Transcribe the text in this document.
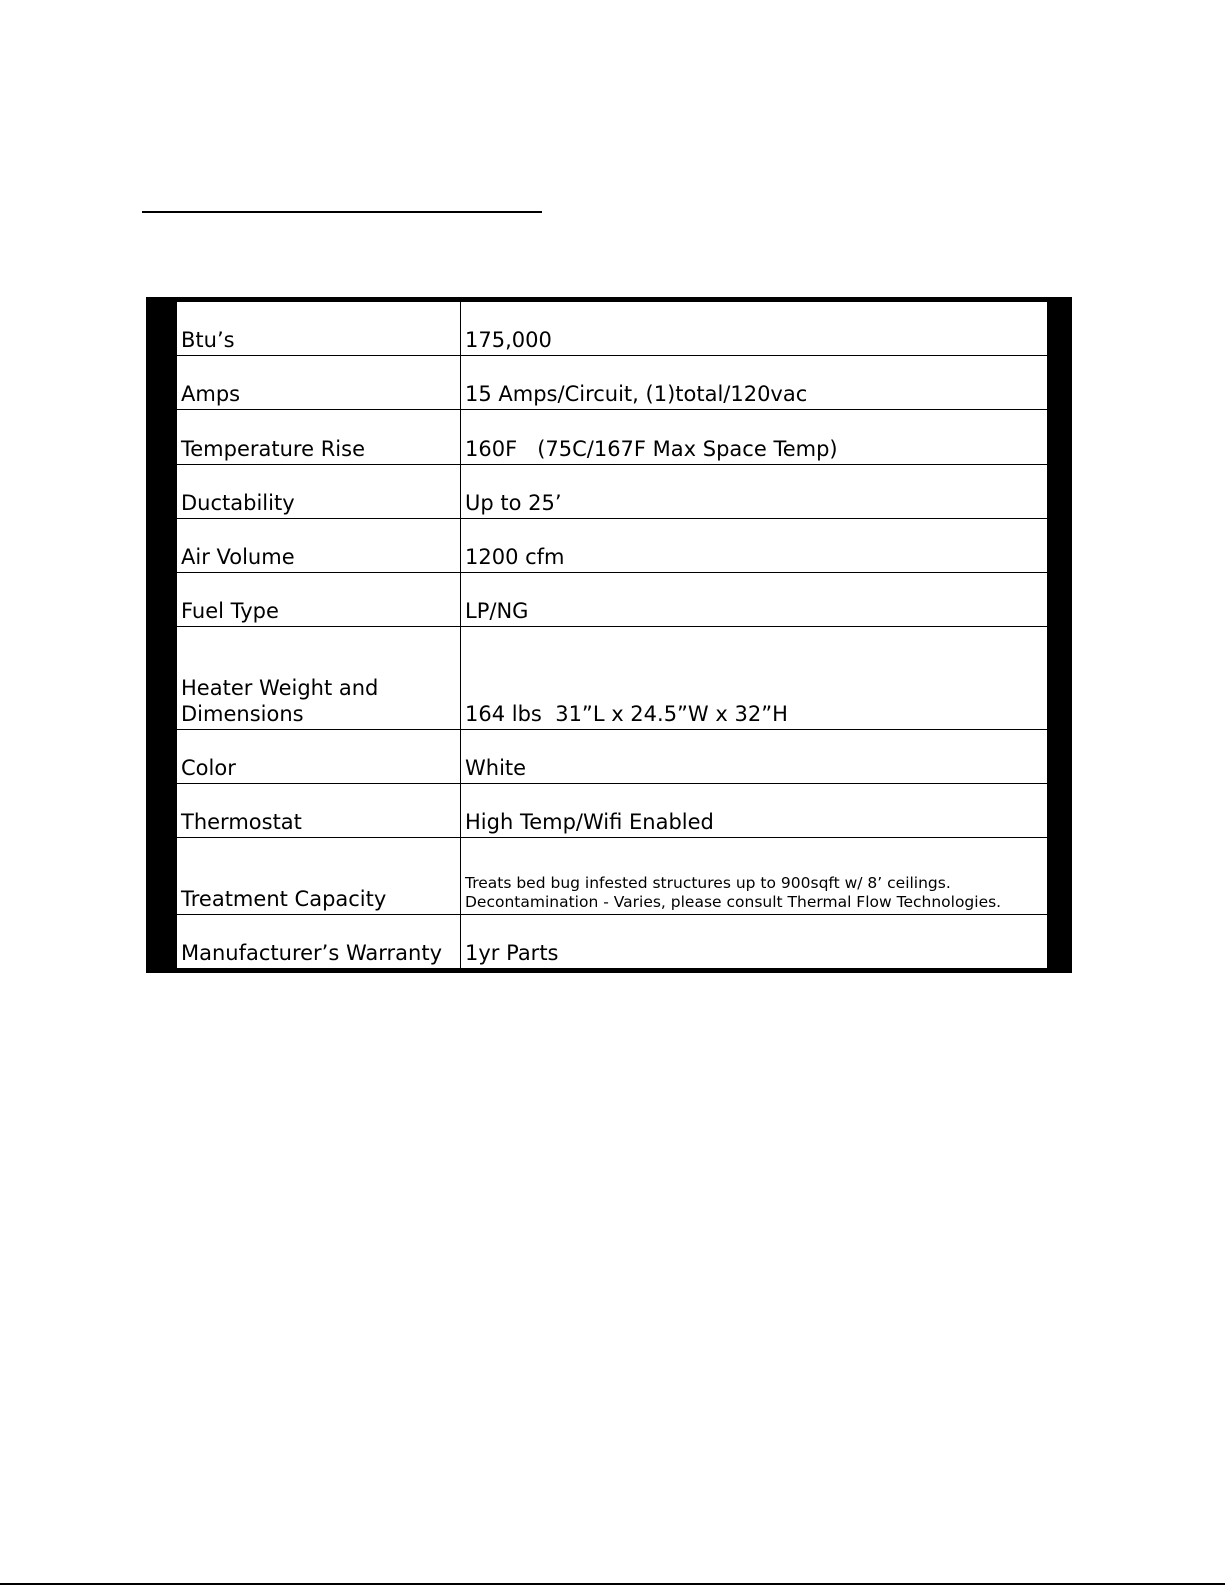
Btu’s	175,000
Amps	15 Amps/Circuit, (1)total/120vac
Temperature Rise	160F   (75C/167F Max Space Temp)
Ductability	Up to 25’
Air Volume	1200 cfm
Fuel Type	LP/NG
Heater Weight and Dimensions	164 lbs  31”L x 24.5”W x 32”H
Color	White
Thermostat	High Temp/Wifi Enabled
Treatment Capacity	Treats bed bug infested structures up to 900sqft w/ 8’ ceilings.
Decontamination - Varies, please consult Thermal Flow Technologies.

Manufacturer’s Warranty	1yr Parts
